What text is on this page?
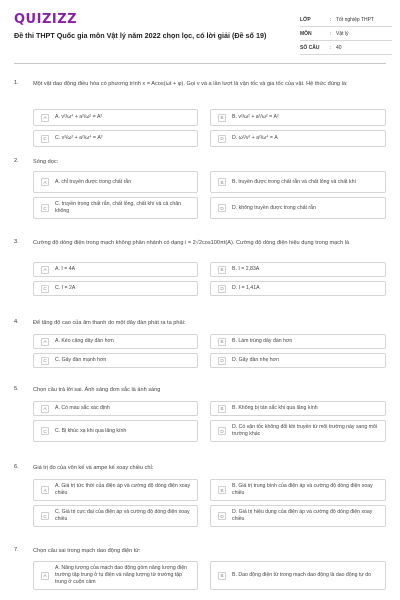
QUIZIZZ
Đề thi THPT Quốc gia môn Vật lý năm 2022 chọn lọc, có lời giải (Đề số 19)
LỚP	: Tốt nghiệp THPT
MÔN	: Vật lý
SỐ CÂU	: 40
1.	Một vật dao động điều hòa có phương trình x = Acos(ωt + φ). Gọi v và a lần lượt là vận tốc và gia tốc của vật. Hệ thức đúng là:
A	A. v²/ω⁴ + a²/ω² = A²	B	B. v²/ω² + a²/ω² = A²
C	C. v²/ω² + a²/ω⁴ = A²	D	D. ω²/v² + a²/ω⁴ = A
2.	Sóng dọc:
A	A. chỉ truyền được trong chất rắn	B	B. truyền được trong chất rắn và chất lỏng và chất khí
C
C. truyền trong chất rắn, chất lỏng, chất khí và cả chân không	D	D. không truyền được trong chất rắn
3.	Cường độ dòng điện trong mạch không phân nhánh có dạng i = 2√2cos100πt(A). Cường độ dòng điện hiệu dụng trong mạch là
A	A. I = 4A	B	B. I = 2,83A
C	C. I = 2A	D	D. I = 1,41A
4.	Để tăng độ cao của âm thanh do một dây đàn phát ra ta phải:
A	A. Kéo căng dây đàn hơn	B	B. Làm trùng dây đàn hơn
C	C. Gảy đàn mạnh hơn	D	D. Gảy đàn nhẹ hơn
5.	Chọn câu trả lời sai. Ánh sáng đơn sắc là ánh sáng
A	A. Có màu sắc xác định	B	B. Không bị tán sắc khi qua lăng kính
C	C. Bị khúc xạ khi qua lăng kính	D
D. Có vận tốc không đổi khi truyền từ môi trường này sang môi trường khác
6.	Giá trị đo của vôn kế và ampe kế xoay chiều chỉ:
A
A. Giá trị tức thời của điện áp và cường độ dòng điện xoay chiều	B
B. Giá trị trung bình của điện áp và cường độ dòng điện xoay chiều
C
C. Giá trị cực đại của điện áp và cường độ dòng điện xoay chiều	D
D. Giá trị hiệu dụng của điện áp và cường độ dòng điện xoay chiều
7.	Chọn câu sai trong mạch dao động điện từ:
A
A. Năng lượng của mạch dao động gồm năng lượng điện trường tập trung ở tụ điện và năng lượng từ trường tập trung ở cuộn cảm
B	B. Dao động điện từ trong mạch dao động là dao động tự do
